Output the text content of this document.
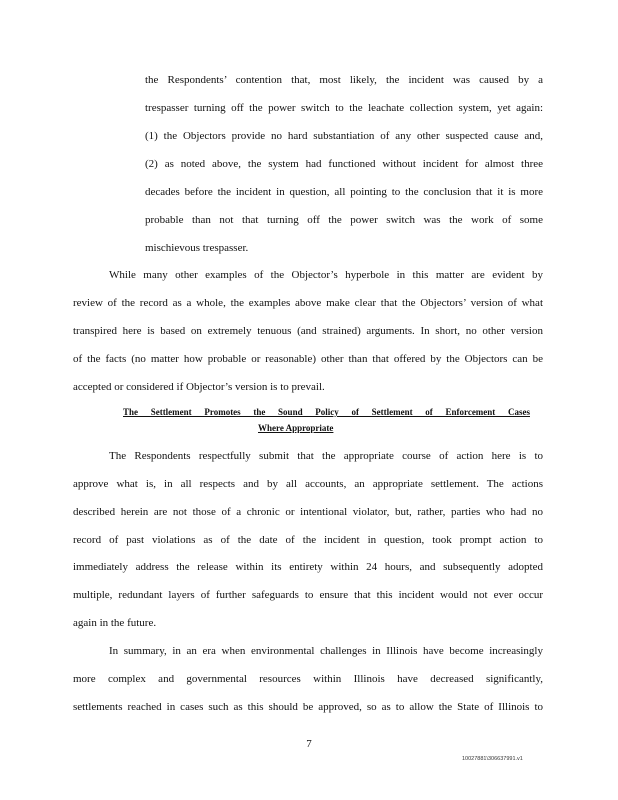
the Respondents’ contention that, most likely, the incident was caused by a
trespasser turning off the power switch to the leachate collection system, yet again:
(1) the Objectors provide no hard substantiation of any other suspected cause and,
(2) as noted above, the system had functioned without incident for almost three
decades before the incident in question, all pointing to the conclusion that it is more
probable than not that turning off the power switch was the work of some
mischievous trespasser.
While many other examples of the Objector’s hyperbole in this matter are evident by
review of the record as a whole, the examples above make clear that the Objectors’ version of what
transpired here is based on extremely tenuous (and strained) arguments. In short, no other version
of the facts (no matter how probable or reasonable) other than that offered by the Objectors can be
accepted or considered if Objector’s version is to prevail.
The Settlement Promotes the Sound Policy of Settlement of Enforcement Cases
Where Appropriate
The Respondents respectfully submit that the appropriate course of action here is to
approve what is, in all respects and by all accounts, an appropriate settlement. The actions
described herein are not those of a chronic or intentional violator, but, rather, parties who had no
record of past violations as of the date of the incident in question, took prompt action to
immediately address the release within its entirety within 24 hours, and subsequently adopted
multiple, redundant layers of further safeguards to ensure that this incident would not ever occur
again in the future.
In summary, in an era when environmental challenges in Illinois have become increasingly
more complex and governmental resources within Illinois have decreased significantly,
settlements reached in cases such as this should be approved, so as to allow the State of Illinois to
7
10027881\306637991.v1
